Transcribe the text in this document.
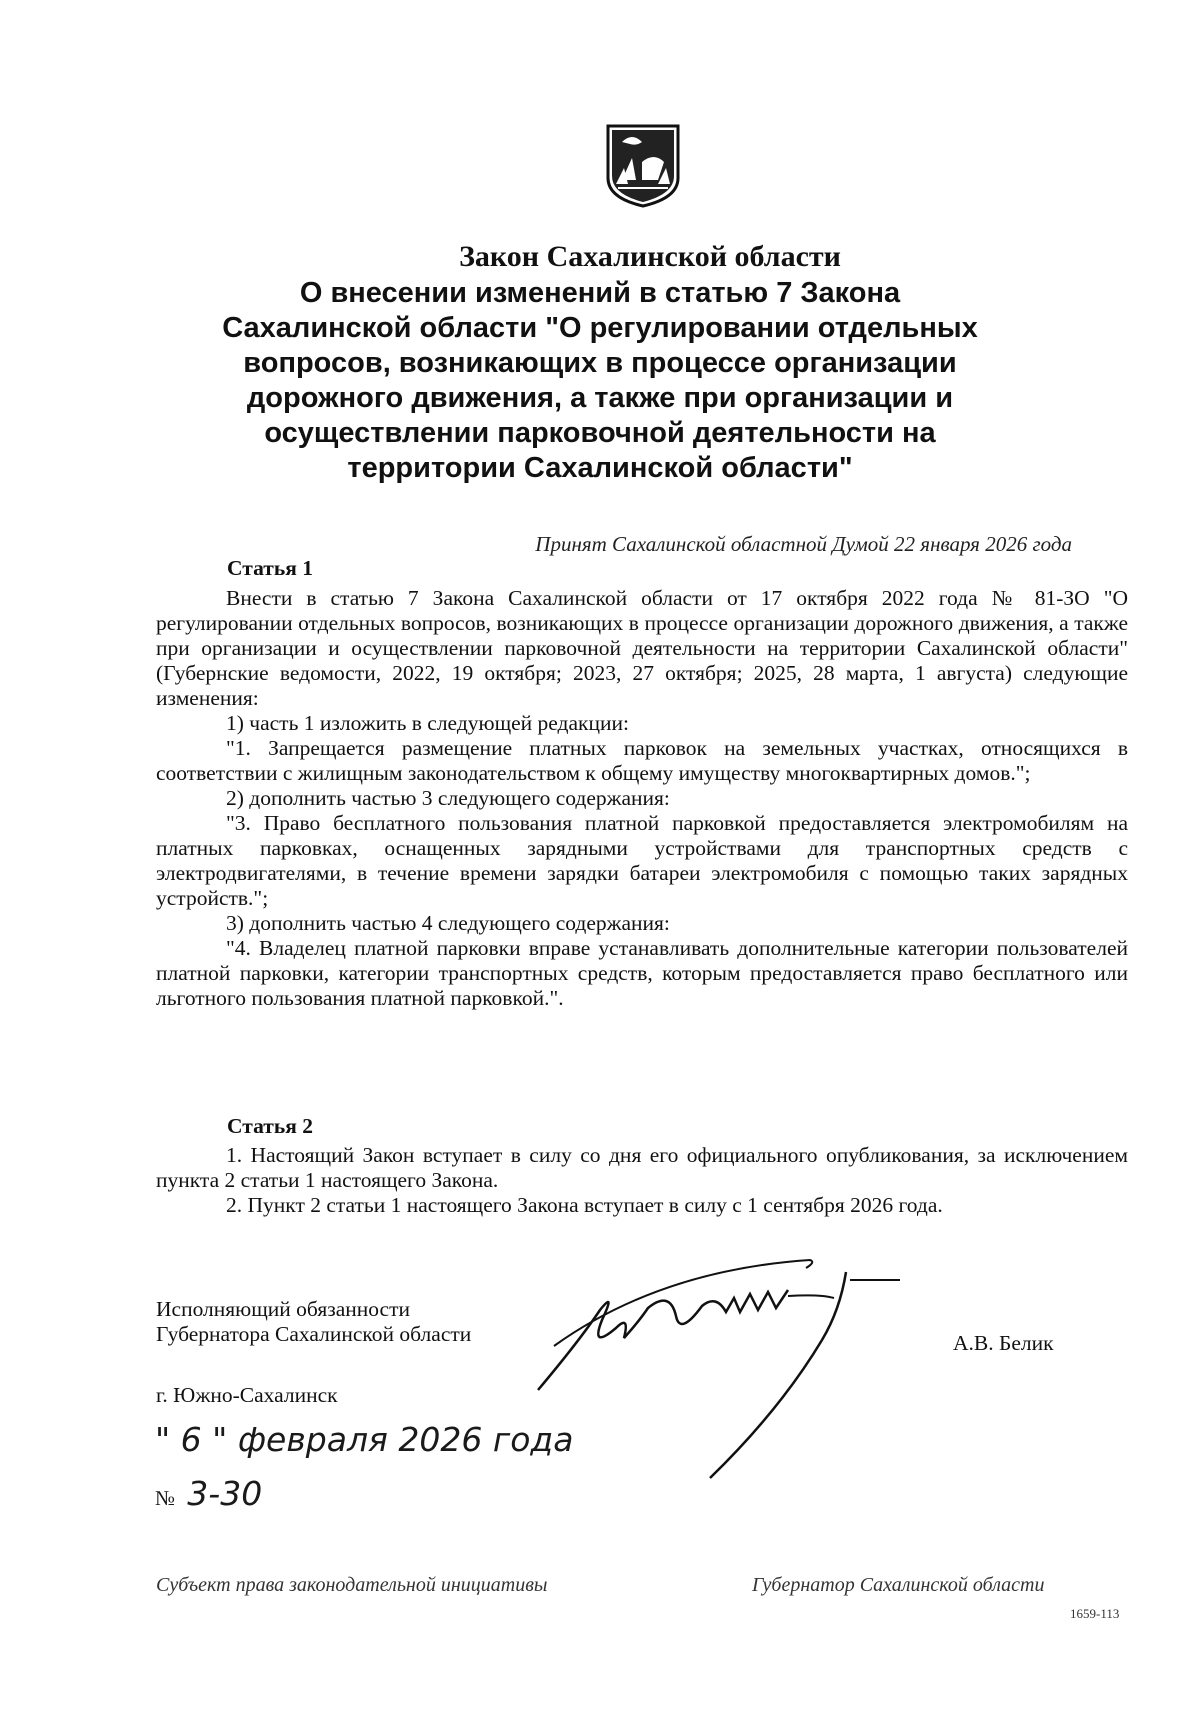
Закон Сахалинской области

О внесении изменений в статью 7 Закона

Сахалинской области "О регулировании отдельных

вопросов, возникающих в процессе организации

дорожного движения, а также при организации и

осуществлении парковочной деятельности на

территории Сахалинской области"

Принят Сахалинской областной Думой 22 января 2026 года
Статья 1

Внести в статью 7 Закона Сахалинской области от 17 октября 2022 года № 81-ЗО "О регулировании отдельных вопросов, возникающих в процессе организации дорожного движения, а также при организации и осуществлении парковочной деятельности на территории Сахалинской области" (Губернские ведомости, 2022, 19 октября; 2023, 27 октября; 2025, 28 марта, 1 августа) следующие изменения:

1) часть 1 изложить в следующей редакции:

"1. Запрещается размещение платных парковок на земельных участках, относящихся в соответствии с жилищным законодательством к общему имуществу многоквартирных домов.";

2) дополнить частью 3 следующего содержания:

"3. Право бесплатного пользования платной парковкой предоставляется электромобилям на платных парковках, оснащенных зарядными устройствами для транспортных средств с электродвигателями, в течение времени зарядки батареи электромобиля с помощью таких зарядных устройств.";

3) дополнить частью 4 следующего содержания:

"4. Владелец платной парковки вправе устанавливать дополнительные категории пользователей платной парковки, категории транспортных средств, которым предоставляется право бесплатного или льготного пользования платной парковкой.".

Статья 2

1. Настоящий Закон вступает в силу со дня его официального опубликования, за исключением пункта 2 статьи 1 настоящего Закона.

2. Пункт 2 статьи 1 настоящего Закона вступает в силу с 1 сентября 2026 года.

Исполняющий обязанности
Губернатора Сахалинской области	А.В. Белик
г. Южно-Сахалинск
" 6 " февраля 2026 года
№ 3-30
Субъект права законодательной инициативы	Губернатор Сахалинской области
1659-113
